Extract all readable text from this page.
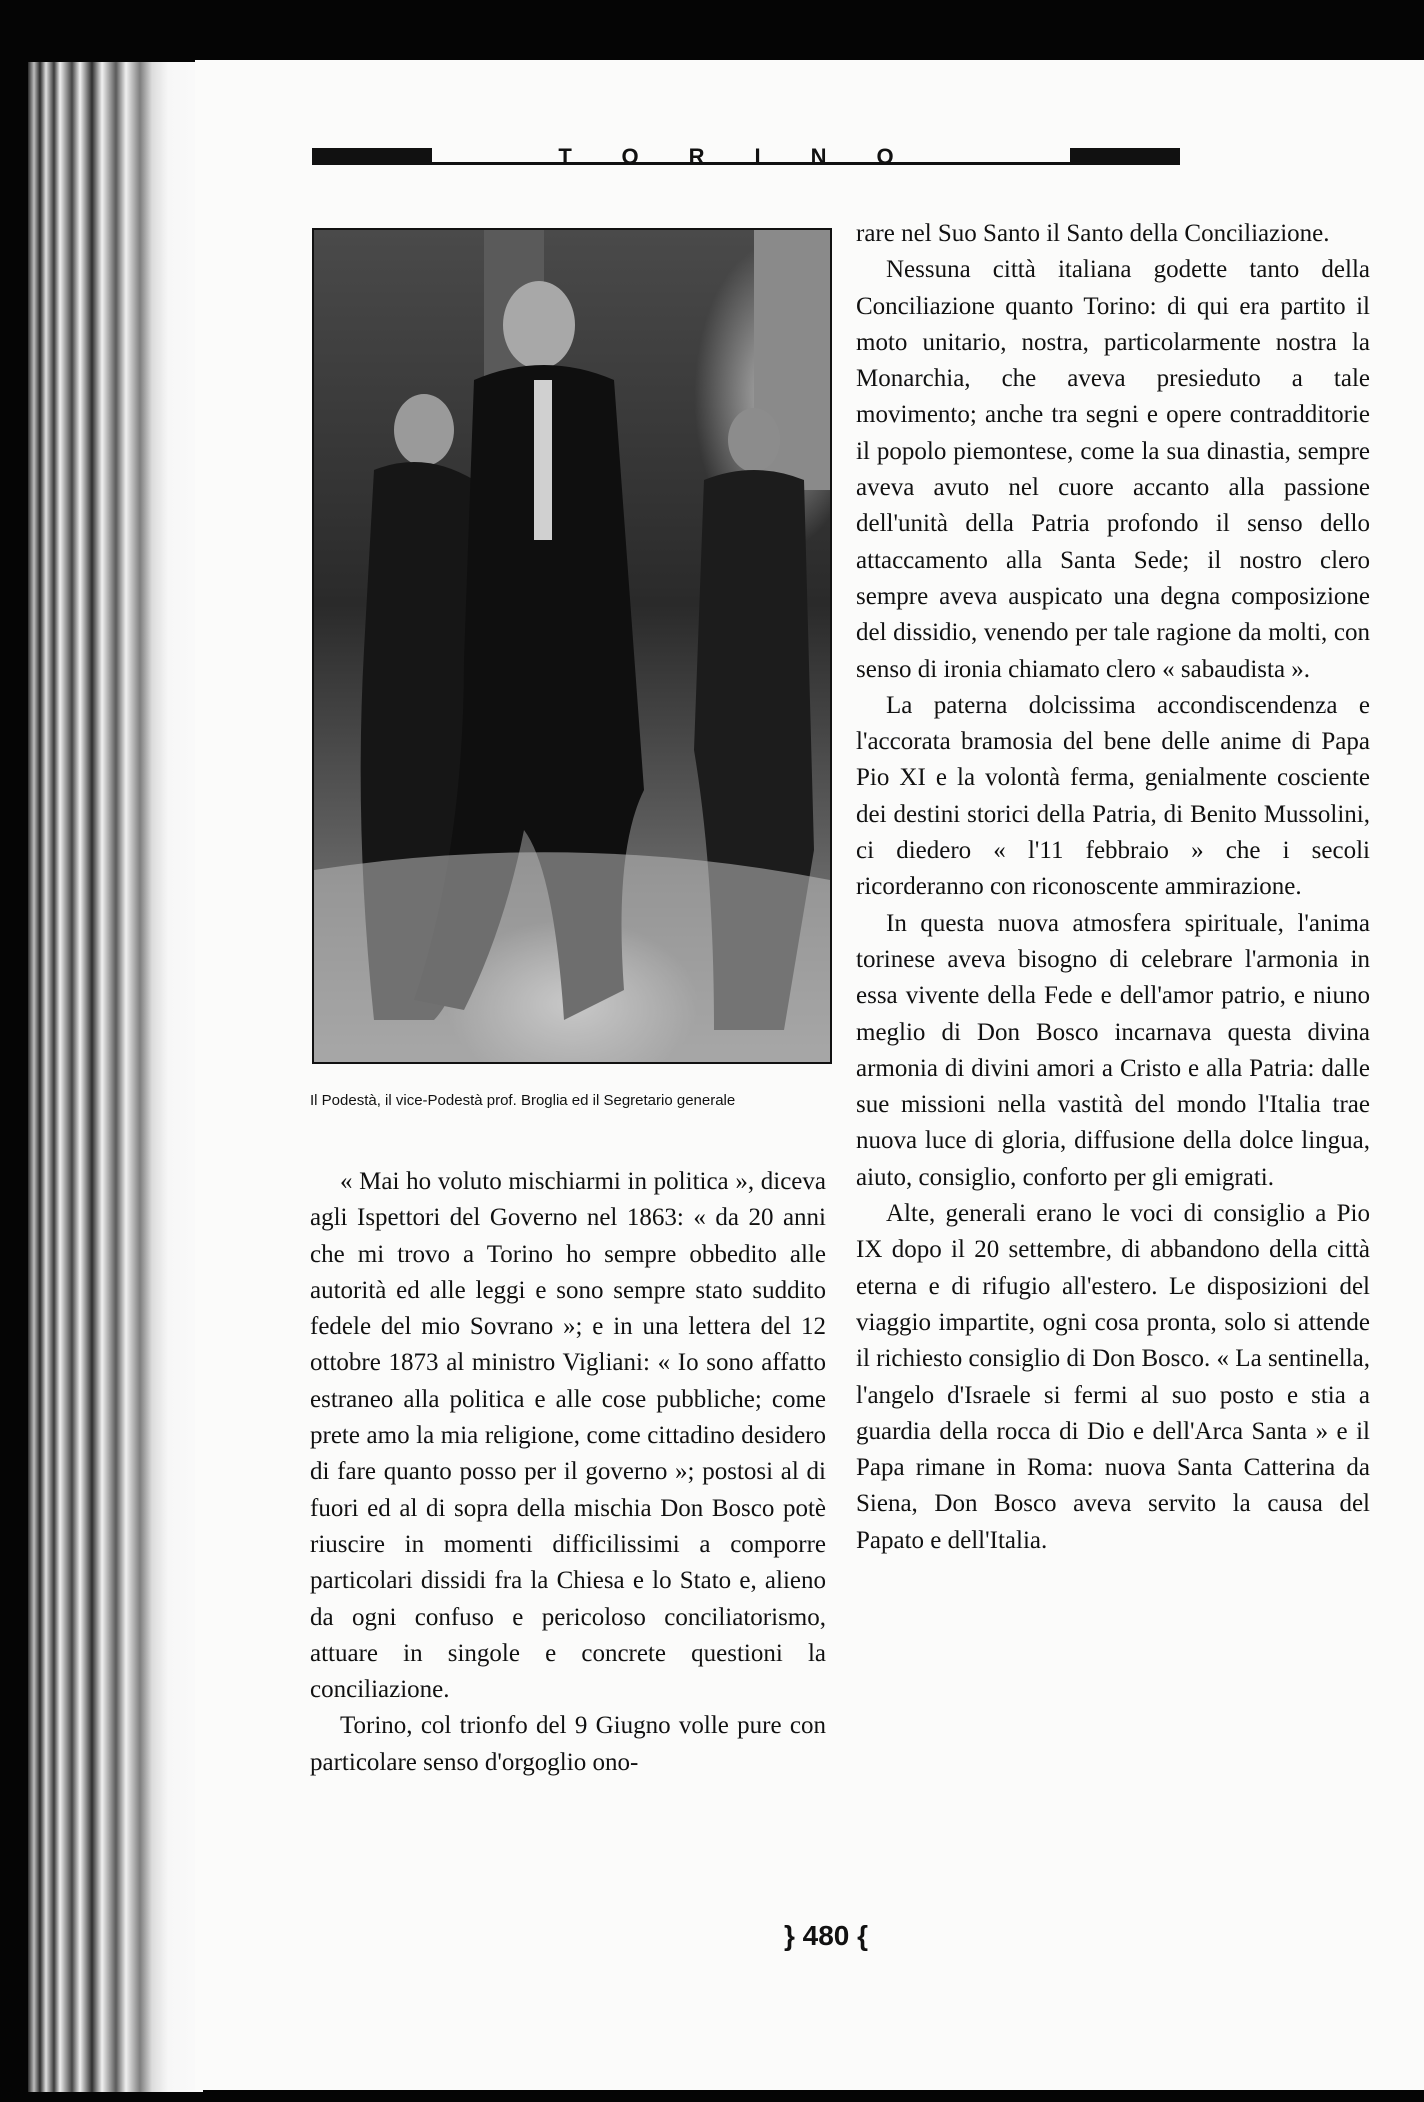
TORINO
Il Podestà, il vice-Podestà prof. Broglia ed il Segretario generale

« Mai ho voluto mischiarmi in politica », diceva agli Ispettori del Governo nel 1863: « da 20 anni che mi trovo a Torino ho sempre obbedito alle autorità ed alle leggi e sono sempre stato suddito fedele del mio Sovrano »; e in una lettera del 12 ottobre 1873 al ministro Vigliani: « Io sono affatto estraneo alla politica e alle cose pubbliche; come prete amo la mia religione, come cittadino desidero di fare quanto posso per il governo »; postosi al di fuori ed al di sopra della mischia Don Bosco potè riuscire in momenti difficilissimi a comporre particolari dissidi fra la Chiesa e lo Stato e, alieno da ogni confuso e pericoloso conciliatorismo, attuare in singole e concrete questioni la conciliazione.

Torino, col trionfo del 9 Giugno volle pure con particolare senso d'orgoglio ono-

rare nel Suo Santo il Santo della Conciliazione.

Nessuna città italiana godette tanto della Conciliazione quanto Torino: di qui era partito il moto unitario, nostra, particolarmente nostra la Monarchia, che aveva presieduto a tale movimento; anche tra segni e opere contradditorie il popolo piemontese, come la sua dinastia, sempre aveva avuto nel cuore accanto alla passione dell'unità della Patria profondo il senso dello attaccamento alla Santa Sede; il nostro clero sempre aveva auspicato una degna composizione del dissidio, venendo per tale ragione da molti, con senso di ironia chiamato clero « sabaudista ».

La paterna dolcissima accondiscendenza e l'accorata bramosia del bene delle anime di Papa Pio XI e la volontà ferma, genialmente cosciente dei destini storici della Patria, di Benito Mussolini, ci diedero « l'11 febbraio » che i secoli ricorderanno con riconoscente ammirazione.

In questa nuova atmosfera spirituale, l'anima torinese aveva bisogno di celebrare l'armonia in essa vivente della Fede e dell'amor patrio, e niuno meglio di Don Bosco incarnava questa divina armonia di divini amori a Cristo e alla Patria: dalle sue missioni nella vastità del mondo l'Italia trae nuova luce di gloria, diffusione della dolce lingua, aiuto, consiglio, conforto per gli emigrati.

Alte, generali erano le voci di consiglio a Pio IX dopo il 20 settembre, di abbandono della città eterna e di rifugio all'estero. Le disposizioni del viaggio impartite, ogni cosa pronta, solo si attende il richiesto consiglio di Don Bosco. « La sentinella, l'angelo d'Israele si fermi al suo posto e stia a guardia della rocca di Dio e dell'Arca Santa » e il Papa rimane in Roma: nuova Santa Catterina da Siena, Don Bosco aveva servito la causa del Papato e dell'Italia.

} 480 {
